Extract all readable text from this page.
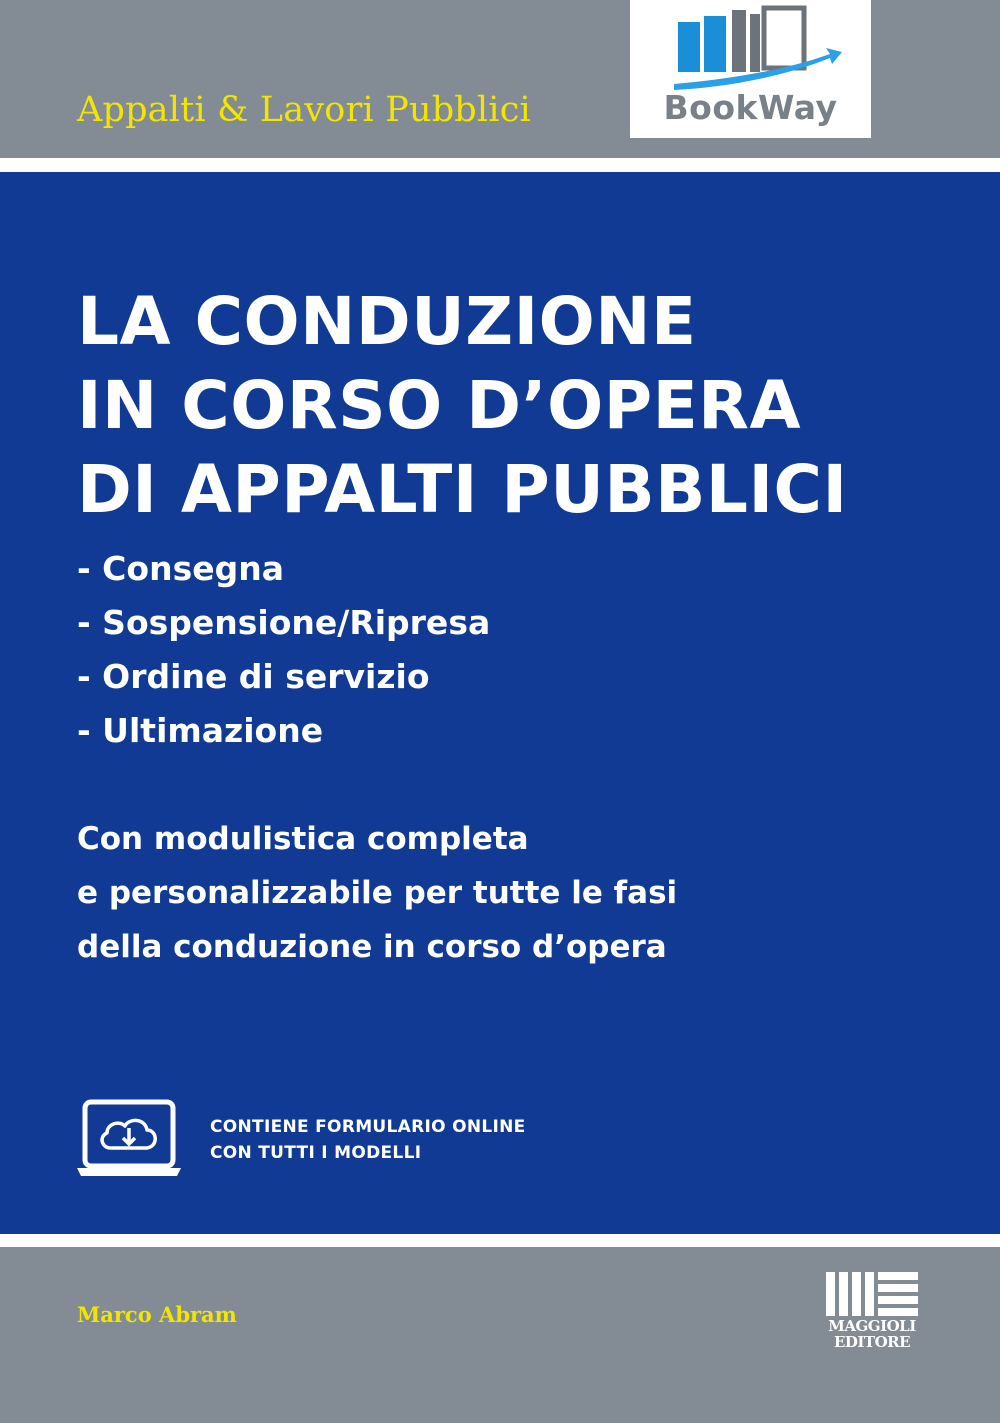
Appalti & Lavori Pubblici	BookWay
LA CONDUZIONE
IN CORSO D’OPERA
DI APPALTI PUBBLICI
- Consegna
- Sospensione/Ripresa
- Ordine di servizio
- Ultimazione

Con modulistica completa
e personalizzabile per tutte le fasi
della conduzione in corso d’opera

CONTIENE FORMULARIO ONLINE
CON TUTTI I MODELLI
Marco Abram	MAGGIOLI
EDITORE
